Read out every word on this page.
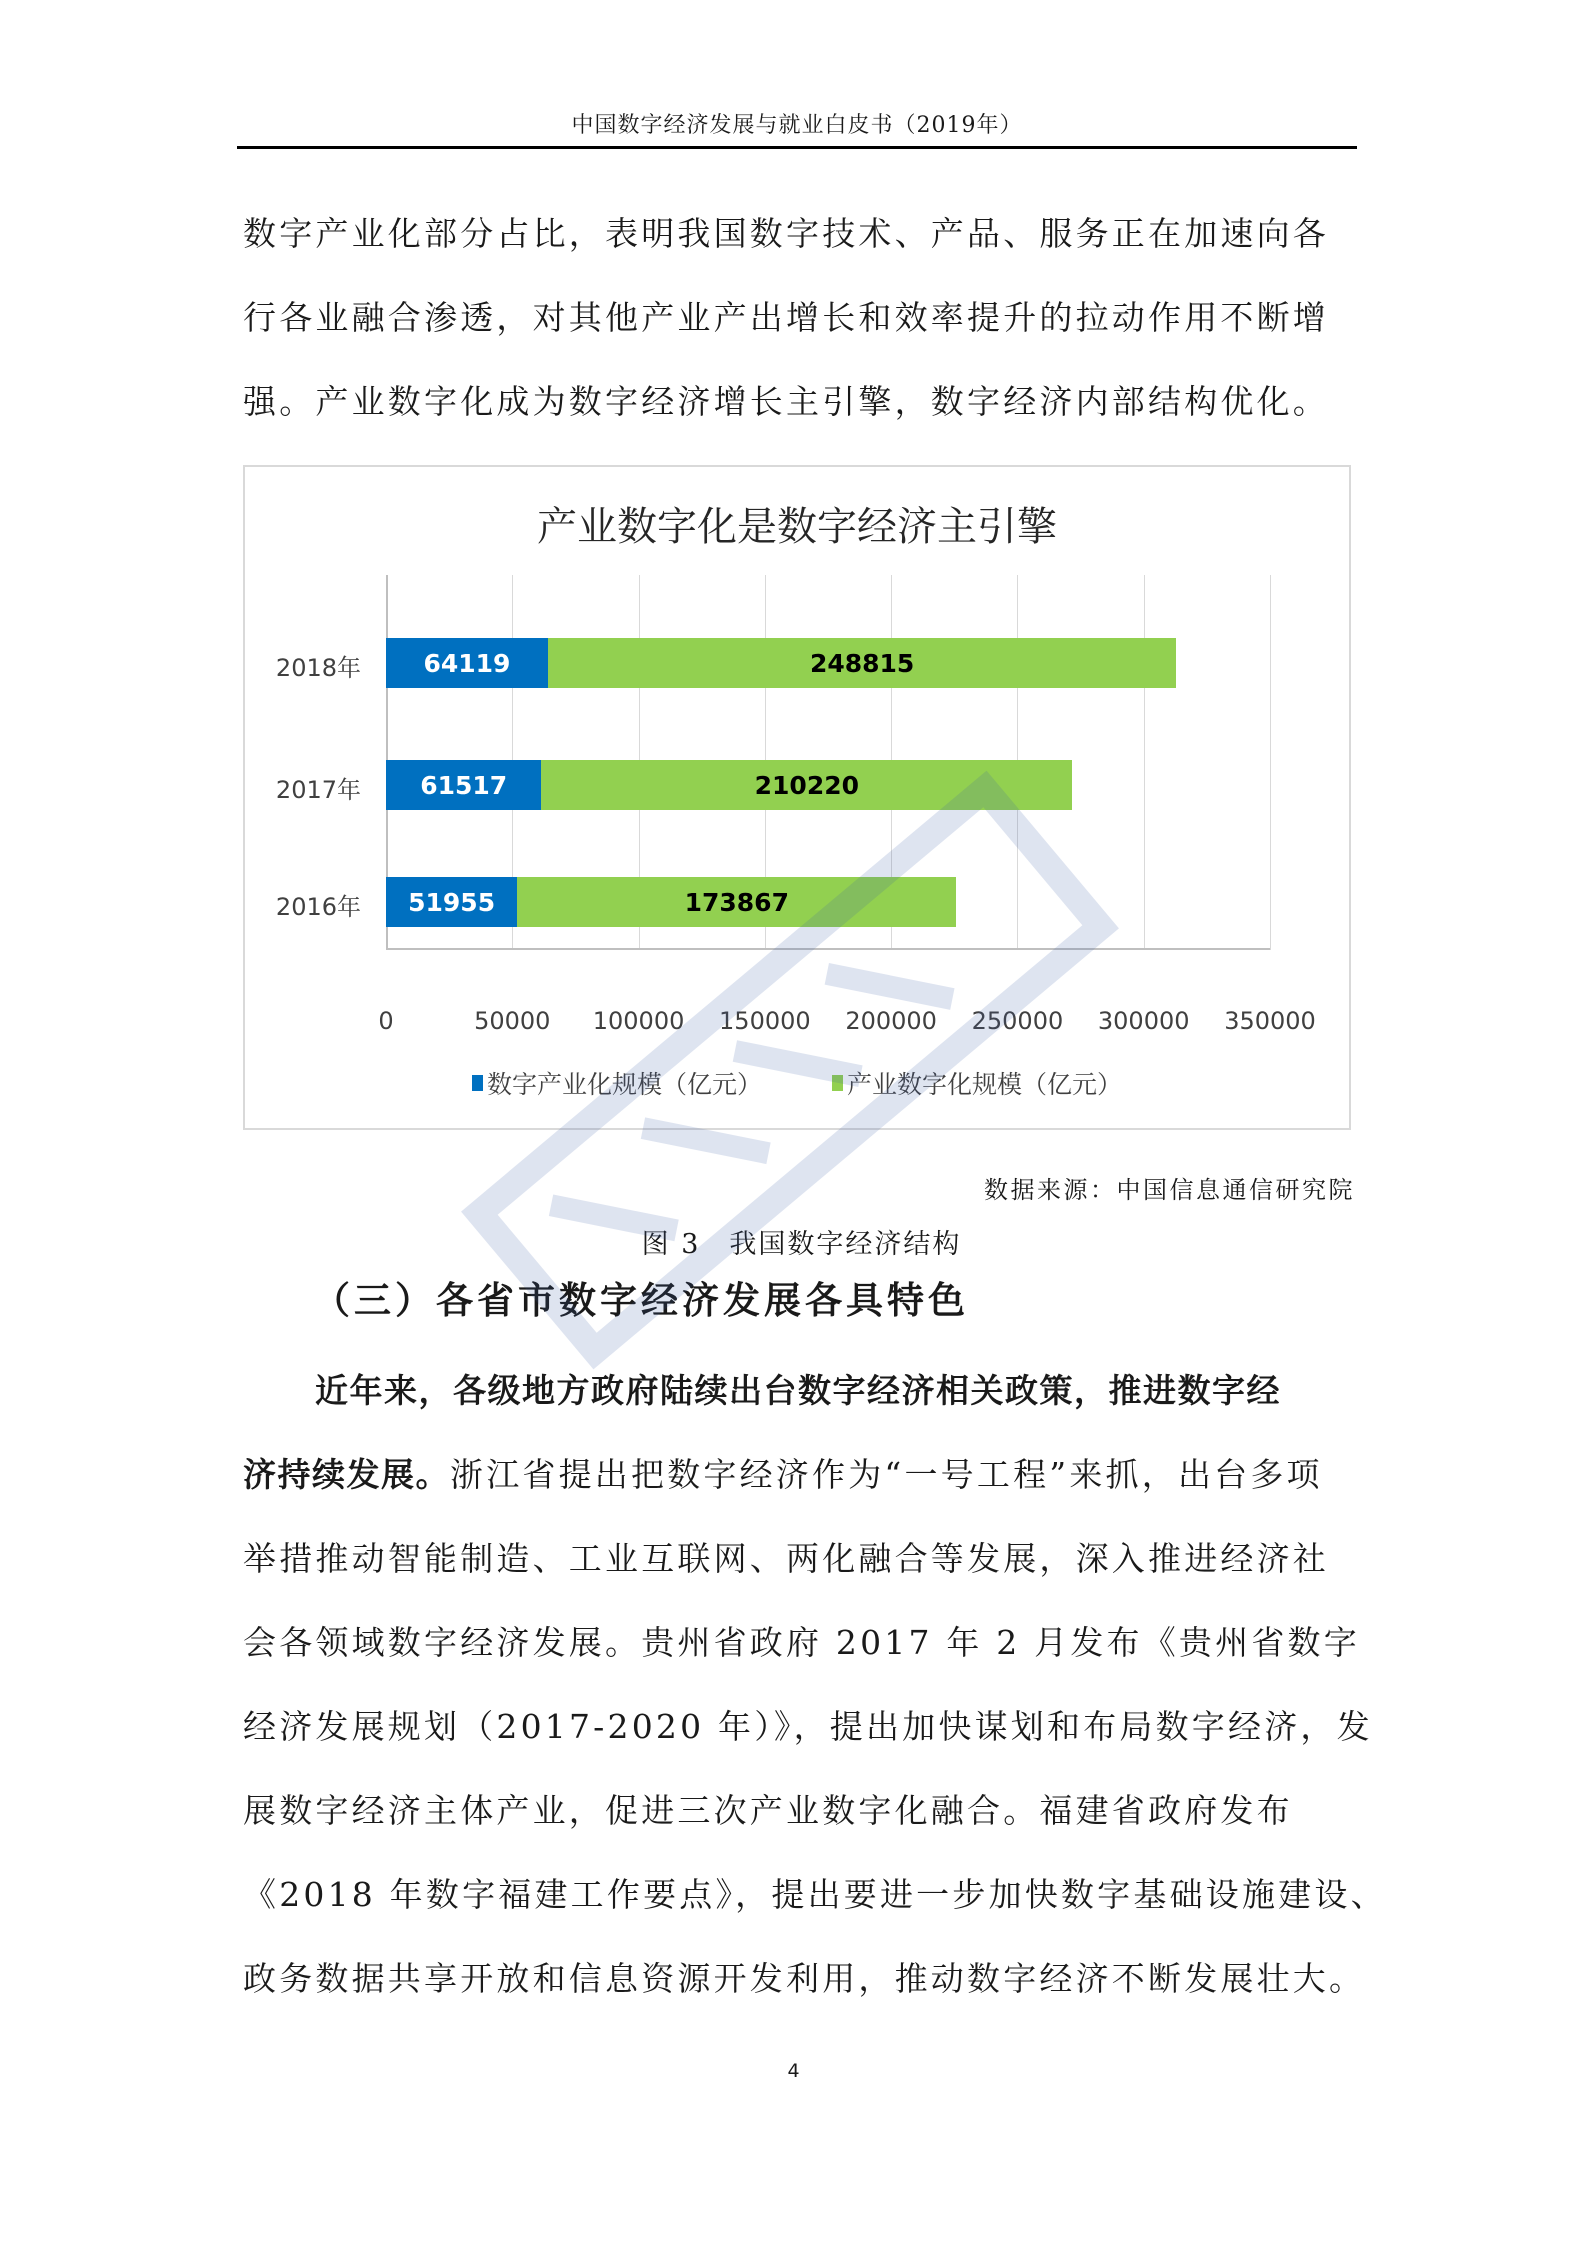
中国数字经济发展与就业白皮书（2019年）
数字产业化部分占比，表明我国数字技术、产品、服务正在加速向各
行各业融合渗透，对其他产业产出增长和效率提升的拉动作用不断增
强。产业数字化成为数字经济增长主引擎，数字经济内部结构优化。
产业数字化是数字经济主引擎
51955	173867
61517	210220
64119	248815
2016年
2017年
2018年
0	50000 100000 150000 200000 250000 300000 350000
数字产业化规模（亿元）	产业数字化规模（亿元）
数据来源：中国信息通信研究院
图 3　我国数字经济结构
（三）各省市数字经济发展各具特色
近年来，各级地方政府陆续出台数字经济相关政策，推进数字经
济持续发展。浙江省提出把数字经济作为“一号工程”来抓，出台多项
举措推动智能制造、工业互联网、两化融合等发展，深入推进经济社
会各领域数字经济发展。贵州省政府 2017 年 2 月发布《贵州省数字
经济发展规划（2017-2020 年）》，提出加快谋划和布局数字经济，发
展数字经济主体产业，促进三次产业数字化融合。福建省政府发布
《2018 年数字福建工作要点》，提出要进一步加快数字基础设施建设、
政务数据共享开放和信息资源开发利用，推动数字经济不断发展壮大。
4
